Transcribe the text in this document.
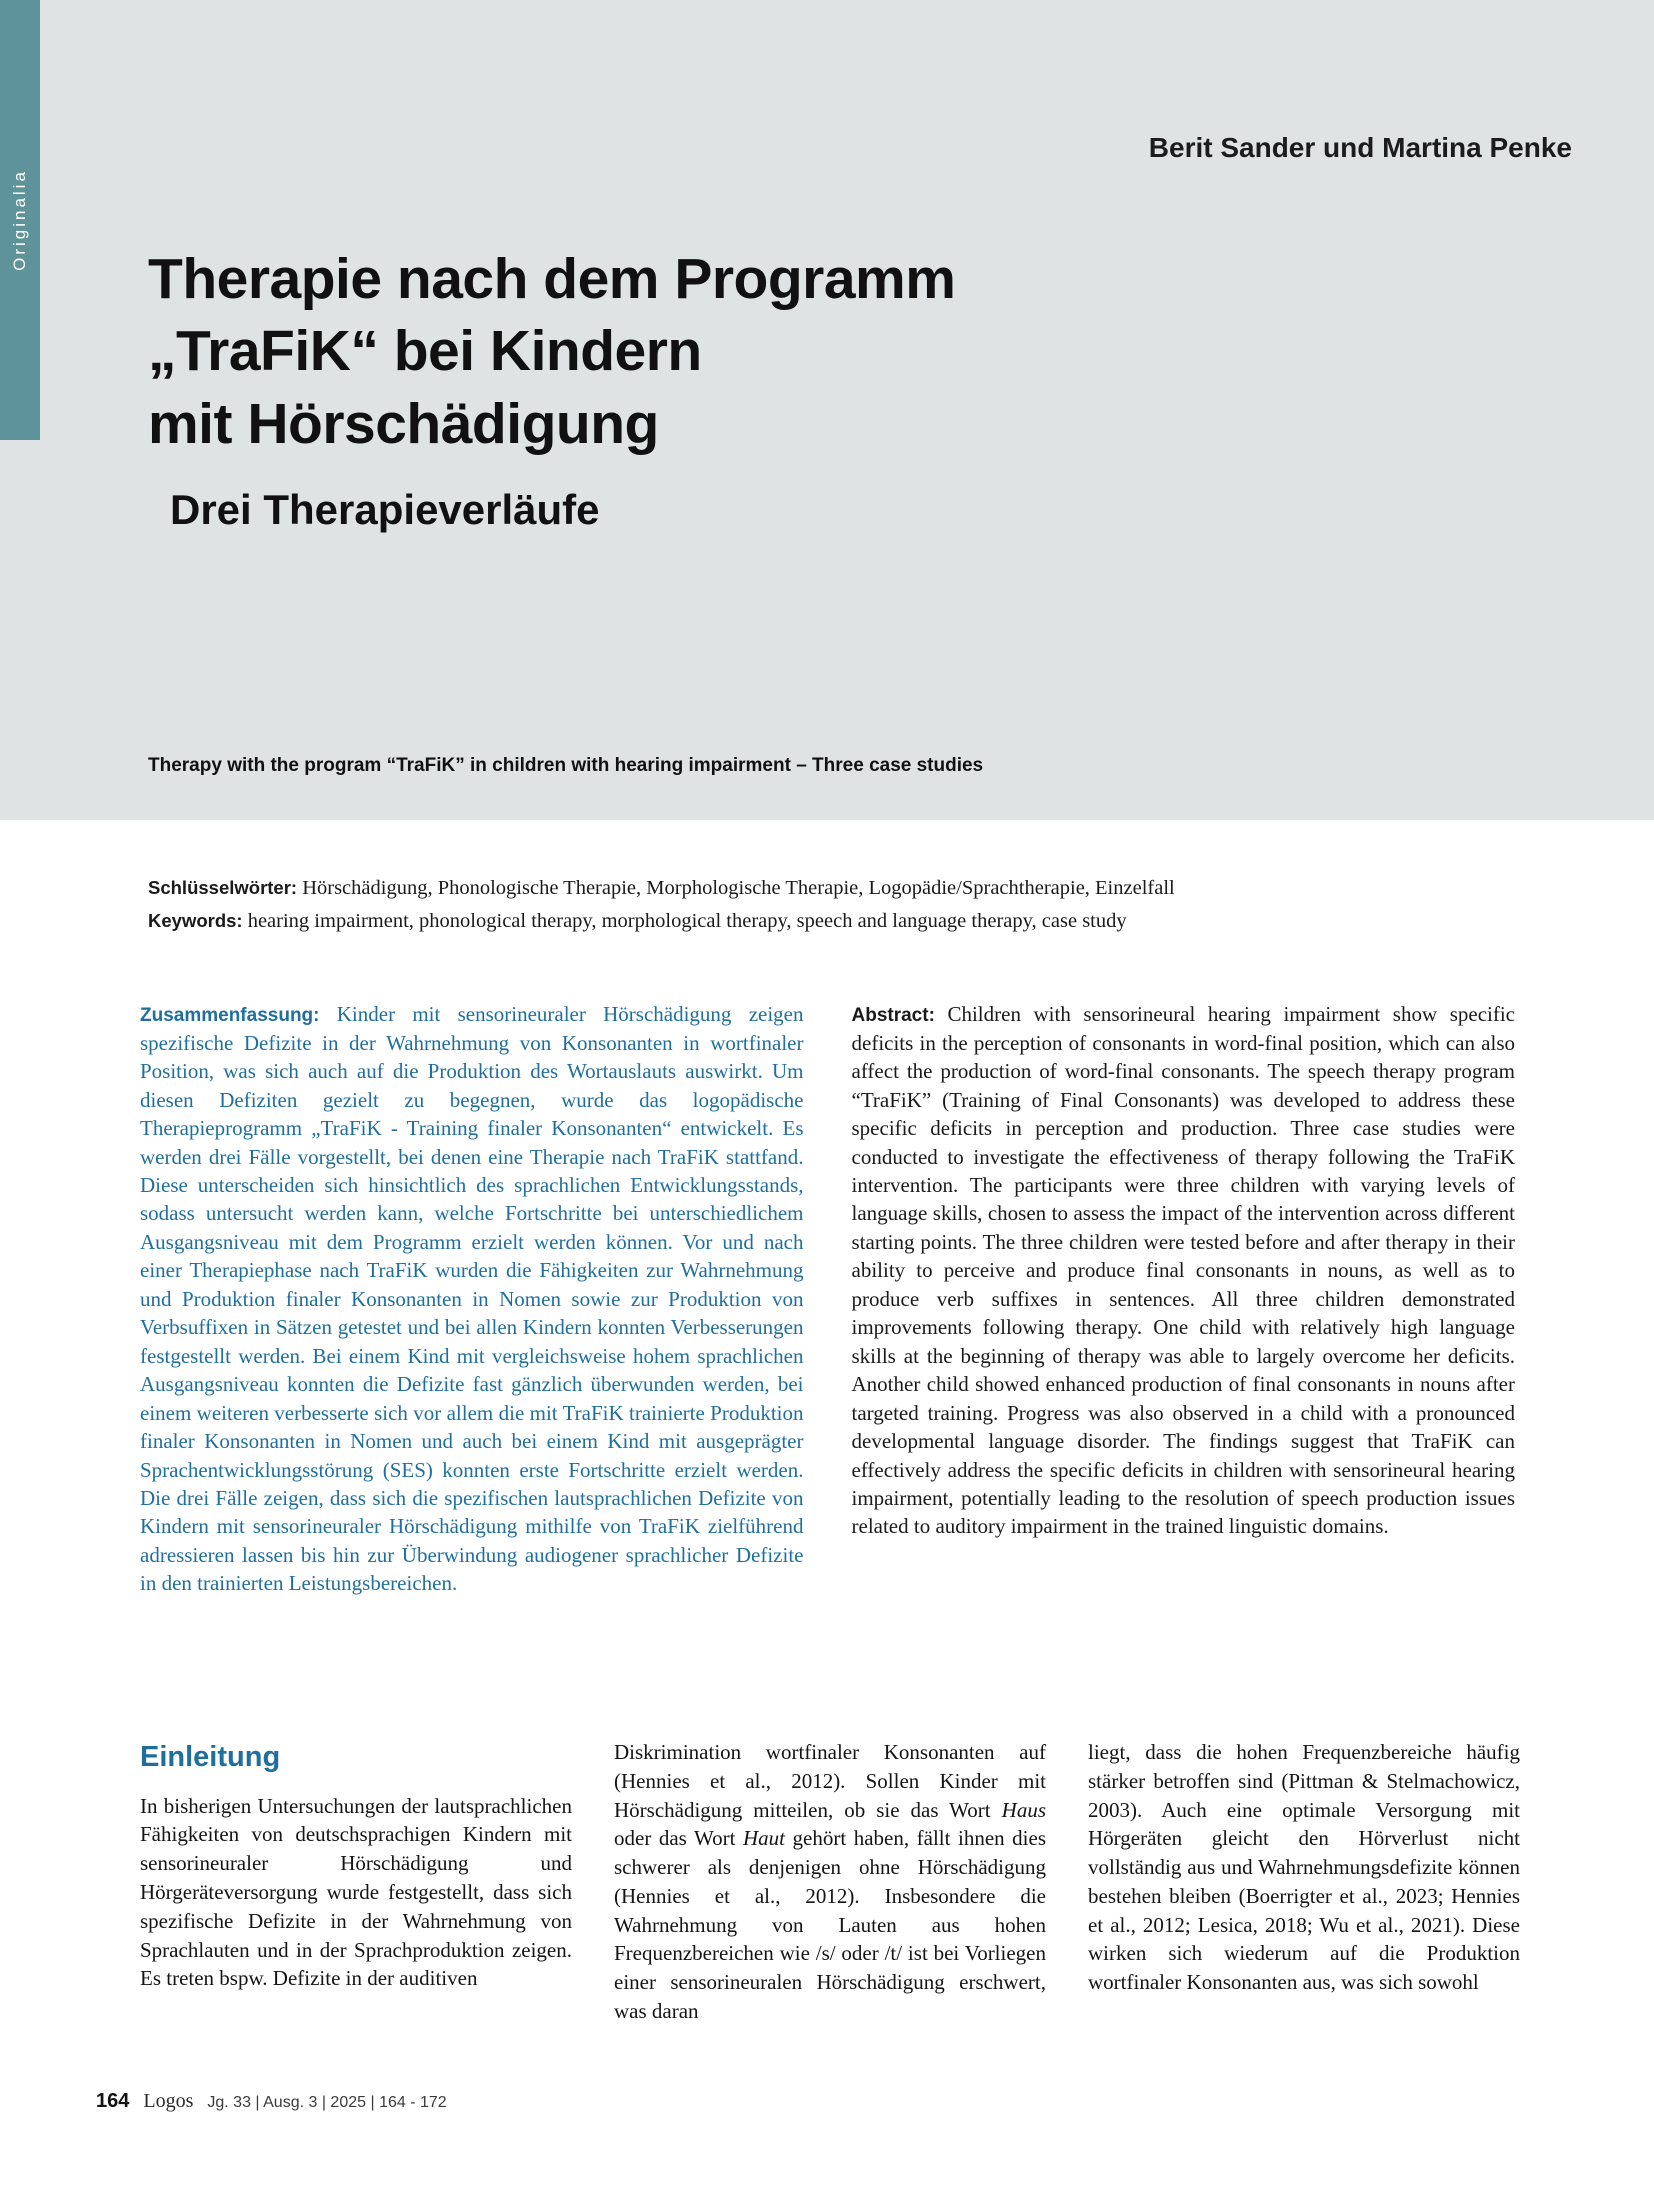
Originalia
Berit Sander und Martina Penke
Therapie nach dem Programm
„TraFiK“ bei Kindern
mit Hörschädigung
Drei Therapieverläufe
Therapy with the program “TraFiK” in children with hearing impairment – Three case studies
Schlüsselwörter: Hörschädigung, Phonologische Therapie, Morphologische Therapie, Logopädie/Sprachtherapie, Einzelfall
Keywords: hearing impairment, phonological therapy, morphological therapy, speech and language therapy, case study
Zusammenfassung: Kinder mit sensorineuraler Hörschädigung zeigen spezifische Defizite in der Wahrnehmung von Konsonanten in wortfinaler Position, was sich auch auf die Produktion des Wortauslauts auswirkt. Um diesen Defiziten gezielt zu begegnen, wurde das logopädische Therapieprogramm „TraFiK - Training finaler Konsonanten“ entwickelt. Es werden drei Fälle vorgestellt, bei denen eine Therapie nach TraFiK stattfand. Diese unterscheiden sich hinsichtlich des sprachlichen Entwicklungsstands, sodass untersucht werden kann, welche Fortschritte bei unterschiedlichem Ausgangsniveau mit dem Programm erzielt werden können. Vor und nach einer Therapiephase nach TraFiK wurden die Fähigkeiten zur Wahrnehmung und Produktion finaler Konsonanten in Nomen sowie zur Produktion von Verbsuffixen in Sätzen getestet und bei allen Kindern konnten Verbesserungen festgestellt werden. Bei einem Kind mit vergleichsweise hohem sprachlichen Ausgangsniveau konnten die Defizite fast gänzlich überwunden werden, bei einem weiteren verbesserte sich vor allem die mit TraFiK trainierte Produktion finaler Konsonanten in Nomen und auch bei einem Kind mit ausgeprägter Sprachentwicklungsstörung (SES) konnten erste Fortschritte erzielt werden. Die drei Fälle zeigen, dass sich die spezifischen lautsprachlichen Defizite von Kindern mit sensorineuraler Hörschädigung mithilfe von TraFiK zielführend adressieren lassen bis hin zur Überwindung audiogener sprachlicher Defizite in den trainierten Leistungsbereichen.
Abstract: Children with sensorineural hearing impairment show specific deficits in the perception of consonants in word-final position, which can also affect the production of word-final consonants. The speech therapy program “TraFiK” (Training of Final Consonants) was developed to address these specific deficits in perception and production. Three case studies were conducted to investigate the effectiveness of therapy following the TraFiK intervention. The participants were three children with varying levels of language skills, chosen to assess the impact of the intervention across different starting points. The three children were tested before and after therapy in their ability to perceive and produce final consonants in nouns, as well as to produce verb suffixes in sentences. All three children demonstrated improvements following therapy. One child with relatively high language skills at the beginning of therapy was able to largely overcome her deficits. Another child showed enhanced production of final consonants in nouns after targeted training. Progress was also observed in a child with a pronounced developmental language disorder. The findings suggest that TraFiK can effectively address the specific deficits in children with sensorineural hearing impairment, potentially leading to the resolution of speech production issues related to auditory impairment in the trained linguistic domains.
Einleitung

In bisherigen Untersuchungen der lautsprachlichen Fähigkeiten von deutschsprachigen Kindern mit sensorineuraler Hörschädigung und Hörgeräteversorgung wurde festgestellt, dass sich spezifische Defizite in der Wahrnehmung von Sprachlauten und in der Sprachproduktion zeigen. Es treten bspw. Defizite in der auditiven

Diskrimination wortfinaler Konsonanten auf (Hennies et al., 2012). Sollen Kinder mit Hörschädigung mitteilen, ob sie das Wort Haus oder das Wort Haut gehört haben, fällt ihnen dies schwerer als denjenigen ohne Hörschädigung (Hennies et al., 2012). Insbesondere die Wahrnehmung von Lauten aus hohen Frequenzbereichen wie /s/ oder /t/ ist bei Vorliegen einer sensorineuralen Hörschädigung erschwert, was daran

liegt, dass die hohen Frequenzbereiche häufig stärker betroffen sind (Pittman & Stelmachowicz, 2003). Auch eine optimale Versorgung mit Hörgeräten gleicht den Hörverlust nicht vollständig aus und Wahrnehmungsdefizite können bestehen bleiben (Boerrigter et al., 2023; Hennies et al., 2012; Lesica, 2018; Wu et al., 2021). Diese wirken sich wiederum auf die Produktion wortfinaler Konsonanten aus, was sich sowohl

164 Logos Jg. 33 | Ausg. 3 | 2025 | 164 - 172
